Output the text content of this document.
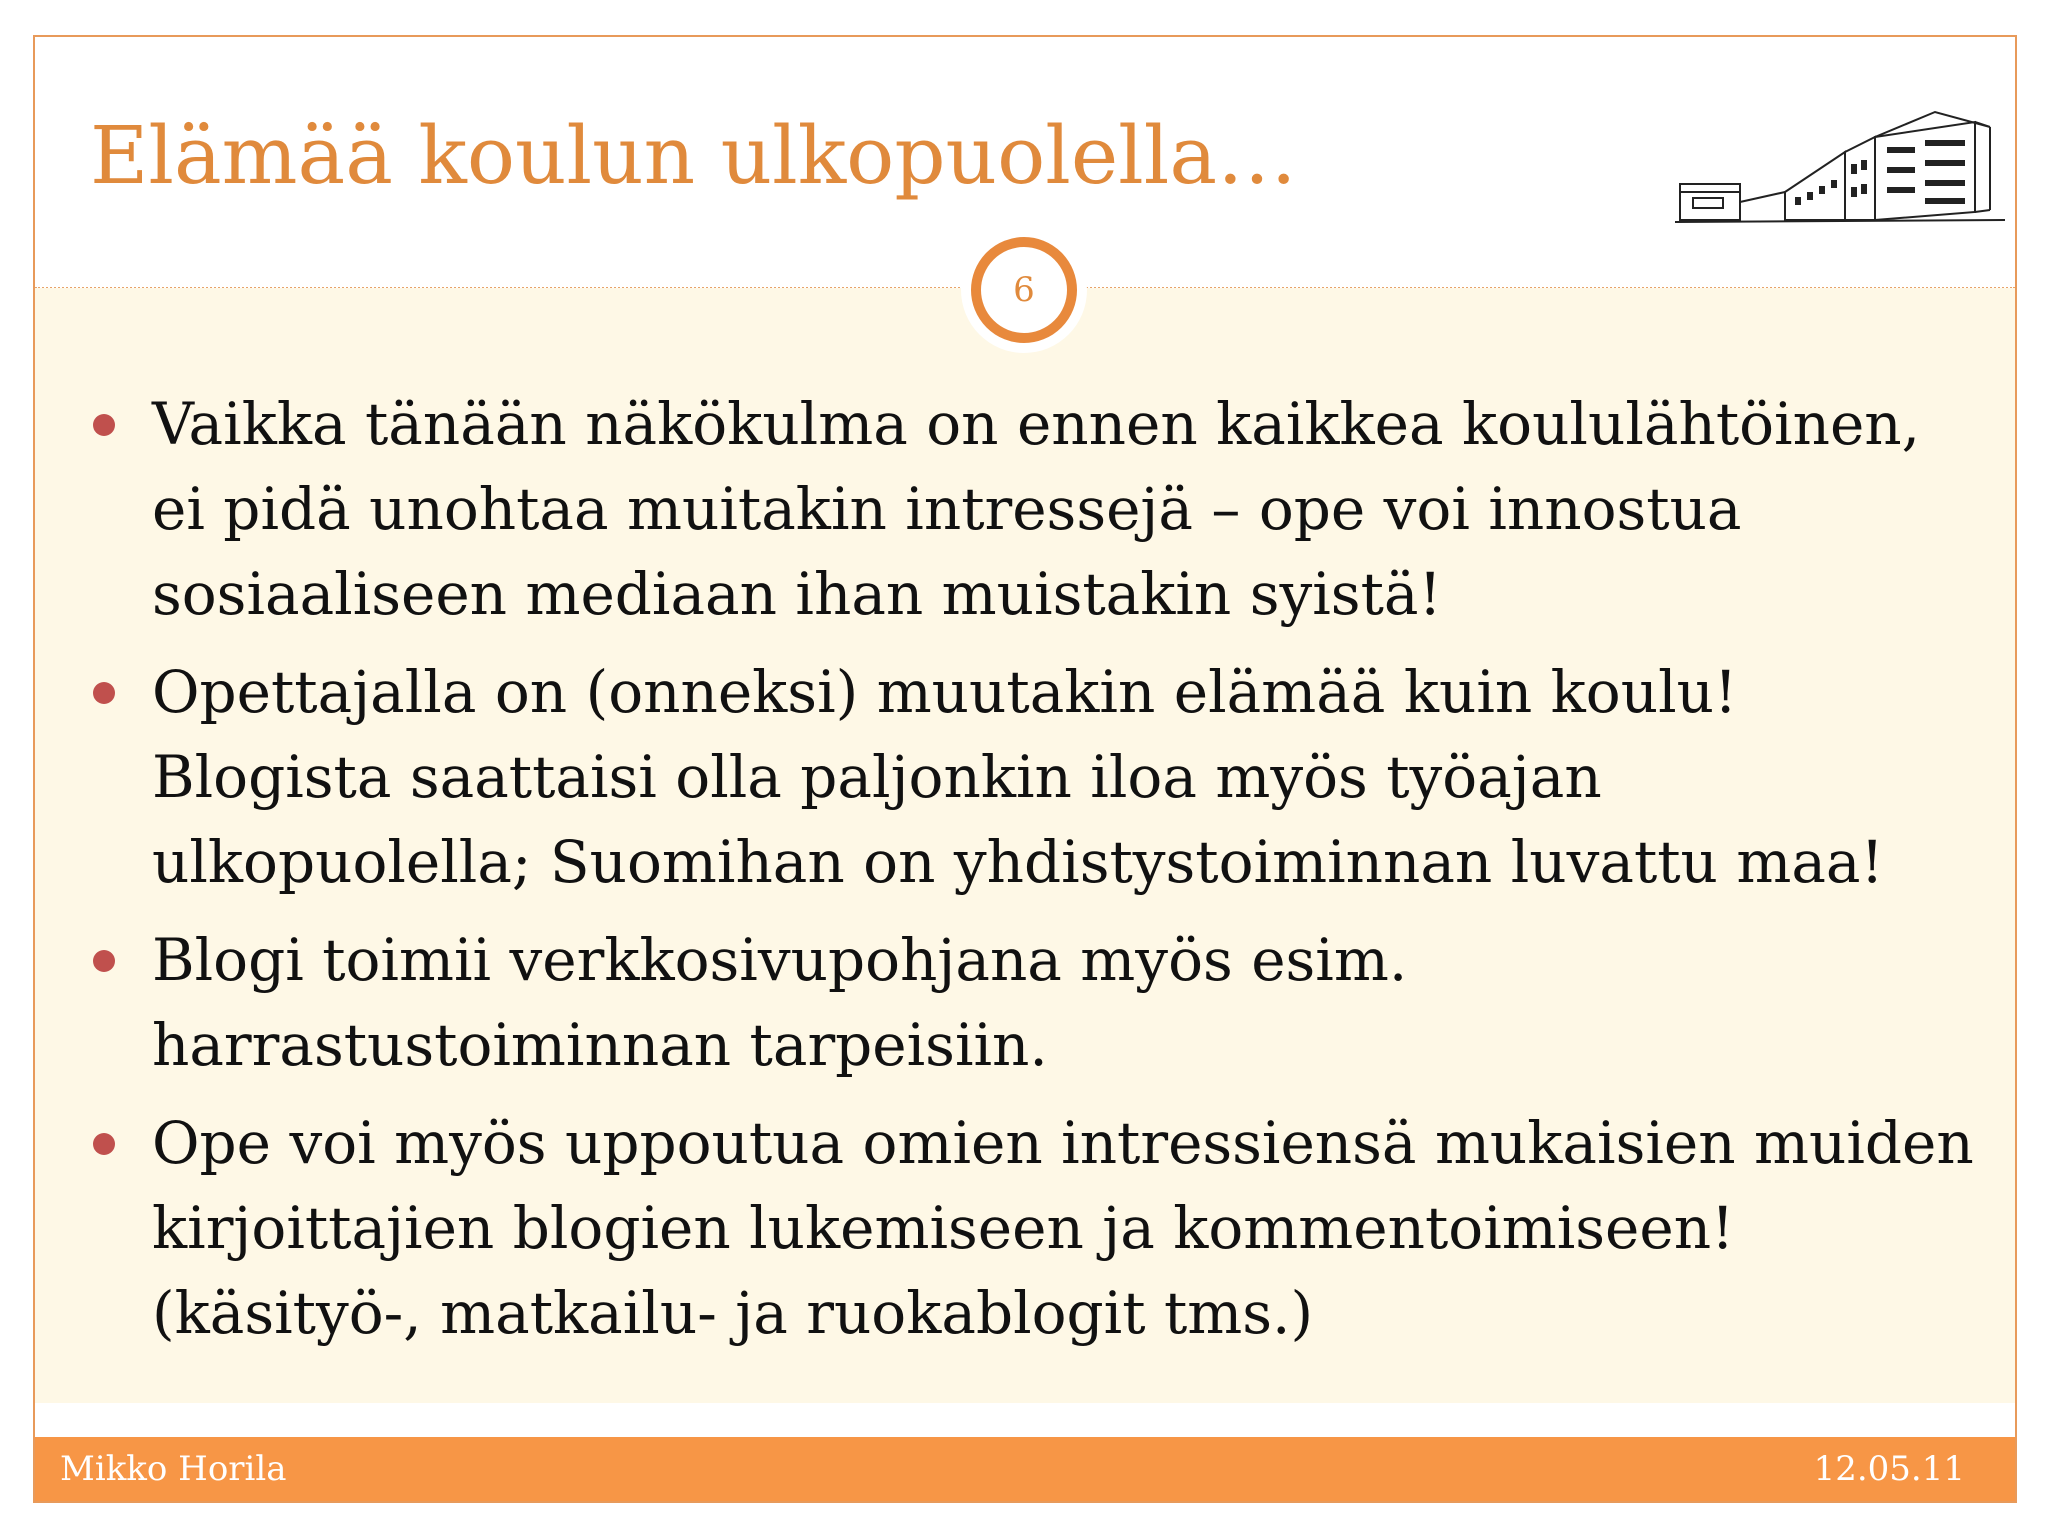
Elämää koulun ulkopuolella…
6
Vaikka tänään näkökulma on ennen kaikkea koululähtöinen, ei pidä unohtaa muitakin intressejä – ope voi innostua sosiaaliseen mediaan ihan muistakin syistä!
Opettajalla on (onneksi) muutakin elämää kuin koulu! Blogista saattaisi olla paljonkin iloa myös työajan ulkopuolella; Suomihan on yhdistystoiminnan luvattu maa!
Blogi toimii verkkosivupohjana myös esim. harrastustoiminnan tarpeisiin.
Ope voi myös uppoutua omien intressiensä mukaisien muiden kirjoittajien blogien lukemiseen ja kommentoimiseen! (käsityö-, matkailu- ja ruokablogit tms.)
Mikko Horila	12.05.11
